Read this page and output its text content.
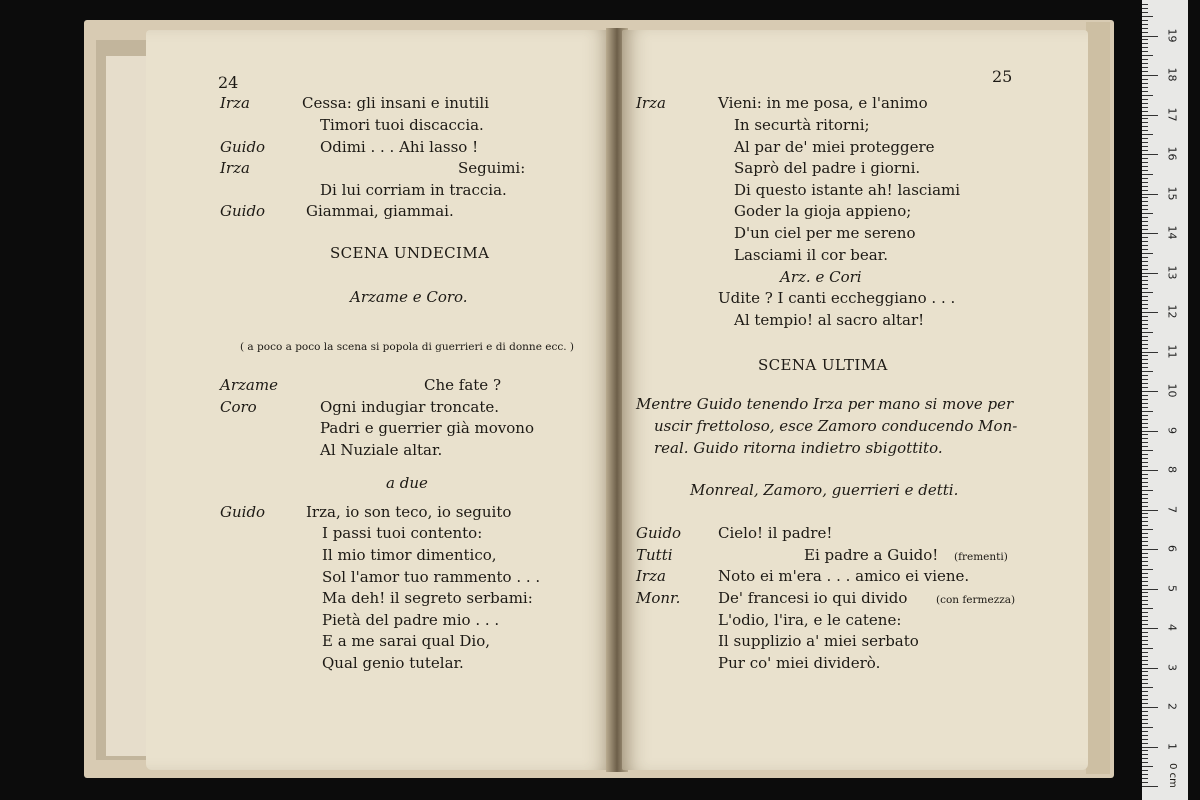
24
Irza	Cessa: gli insani e inutili
Timori tuoi discaccia.
Guido	Odimi . . . Ahi lasso !
Irza	Seguimi:
Di lui corriam in traccia.
Guido	Giammai, giammai.
SCENA UNDECIMA
Arzame e Coro.
( a poco a poco la scena si popola di guerrieri e di donne ecc. )
Arzame	Che fate ?
Coro	Ogni indugiar troncate.
Padri e guerrier già movono
Al Nuziale altar.
a due
Guido	Irza, io son teco, io seguito
I passi tuoi contento:
Il mio timor dimentico,
Sol l'amor tuo rammento . . .
Ma deh! il segreto serbami:
Pietà del padre mio . . .
E a me sarai qual Dio,
Qual genio tutelar.
25
Irza	Vieni: in me posa, e l'animo
In securtà ritorni;
Al par de' miei proteggere
Saprò del padre i giorni.
Di questo istante ah! lasciami
Goder la gioja appieno;
D'un ciel per me sereno
Lasciami il cor bear.
Arz. e Cori
Udite ? I canti eccheggiano . . .
Al tempio! al sacro altar!
SCENA ULTIMA
Mentre Guido tenendo Irza per mano si move per
uscir frettoloso, esce Zamoro conducendo Mon-
real. Guido ritorna indietro sbigottito.
Monreal, Zamoro, guerrieri e detti.
Guido Cielo! il padre!
Tutti	Ei padre a Guido! (frementi)
Irza	Noto ei m'era . . . amico ei viene.
Monr.	De' francesi io qui divido	(con fermezza)
L'odio, l'ira, e le catene:
Il supplizio a' miei serbato
Pur co' miei dividerò.
0 cm
1
2
3
4
5
6
7
8
9
10
11
12
13
14
15
16
17
18
19
